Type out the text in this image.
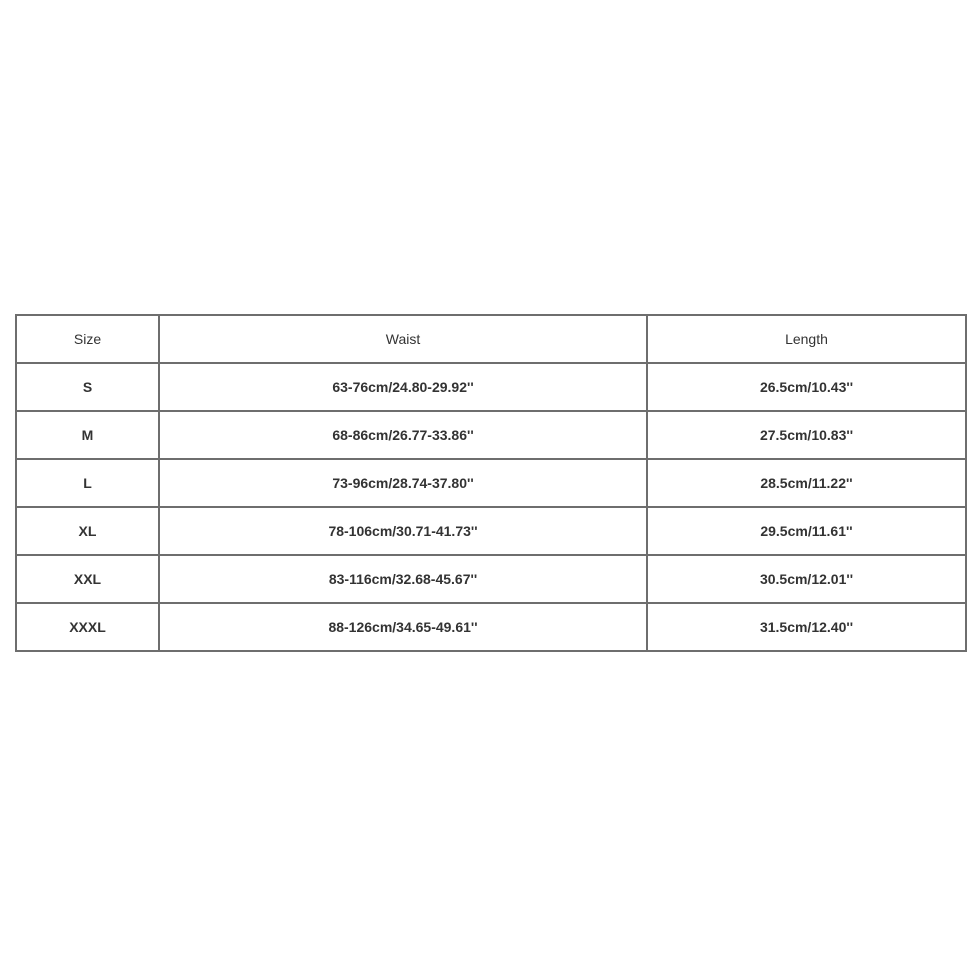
Size	Waist	Length
S	63-76cm/24.80-29.92''	26.5cm/10.43''
M	68-86cm/26.77-33.86''	27.5cm/10.83''
L	73-96cm/28.74-37.80''	28.5cm/11.22''
XL	78-106cm/30.71-41.73''	29.5cm/11.61''
XXL	83-116cm/32.68-45.67''	30.5cm/12.01''
XXXL	88-126cm/34.65-49.61''	31.5cm/12.40''
